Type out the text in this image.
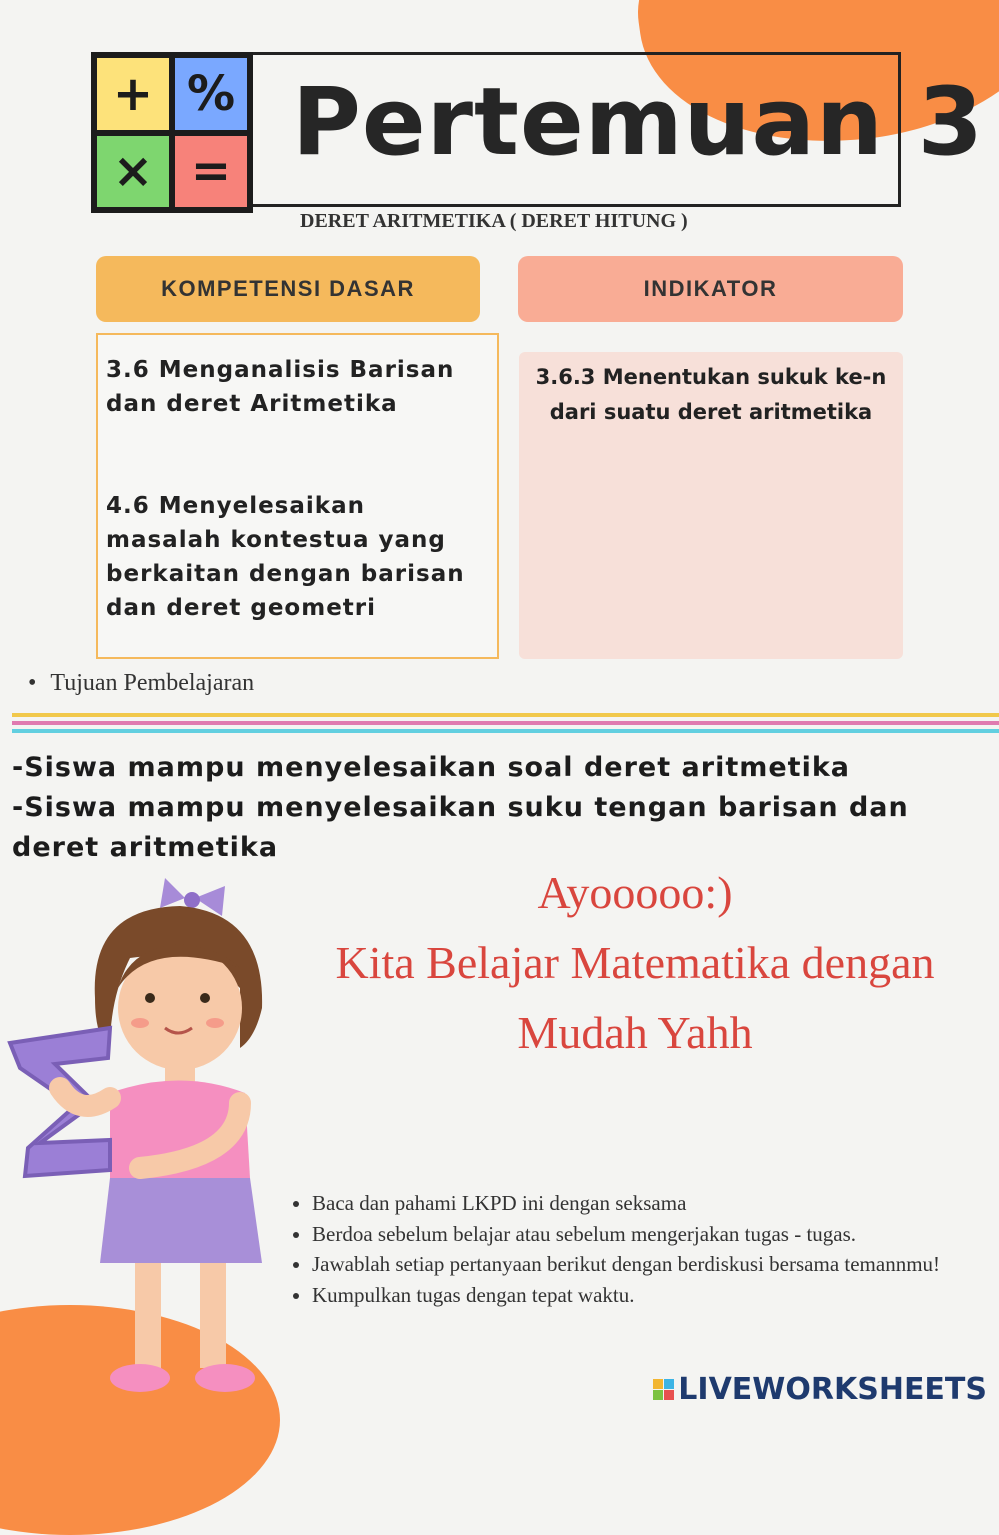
+ %
× = Pertemuan 3
DERET ARITMETIKA ( DERET HITUNG )
KOMPETENSI DASAR	INDIKATOR

3.6 Menganalisis Barisan dan deret Aritmetika

4.6 Menyelesaikan masalah kontestua yang berkaitan dengan barisan dan deret geometri

3.6.3 Menentukan sukuk ke-n dari suatu deret aritmetika
• Tujuan Pembelajaran

-Siswa mampu menyelesaikan soal deret aritmetika

-Siswa mampu menyelesaikan suku tengan barisan dan deret aritmetika

Ayooooo:)

Kita Belajar Matematika dengan Mudah Yahh

• Baca dan pahami LKPD ini dengan seksama
• Berdoa sebelum belajar atau sebelum mengerjakan tugas - tugas.
• Jawablah setiap pertanyaan berikut dengan berdiskusi bersama temannmu!
• Kumpulkan tugas dengan tepat waktu.
LIVEWORKSHEETS
